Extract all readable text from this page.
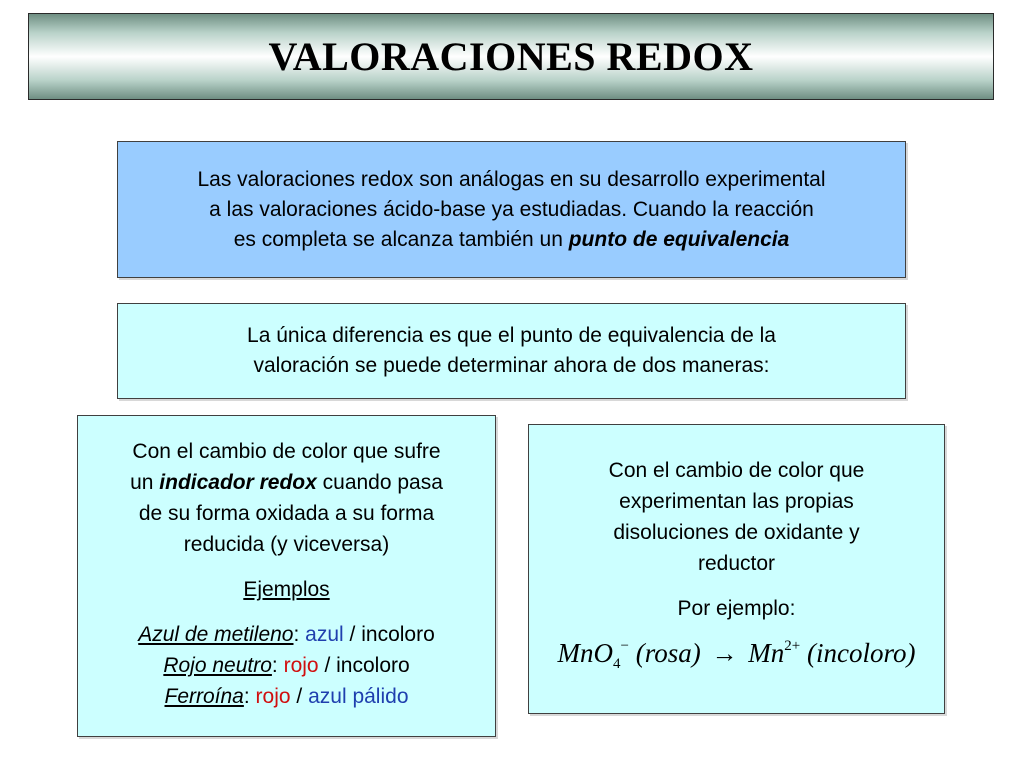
VALORACIONES REDOX
Las valoraciones redox son análogas en su desarrollo experimental
a las valoraciones ácido-base ya estudiadas. Cuando la reacción
es completa se alcanza también un punto de equivalencia
La única diferencia es que el punto de equivalencia de la
valoración se puede determinar ahora de dos maneras:
Con el cambio de color que sufre
un indicador redox cuando pasa
de su forma oxidada a su forma
reducida (y viceversa)
Ejemplos
Azul de metileno: azul / incoloro
Rojo neutro: rojo / incoloro
Ferroína: rojo / azul pálido
Con el cambio de color que
experimentan las propias
disoluciones de oxidante y
reductor
Por ejemplo:
MnO$_4$− (rosa) → $Mn^{2+}$ (incoloro)
